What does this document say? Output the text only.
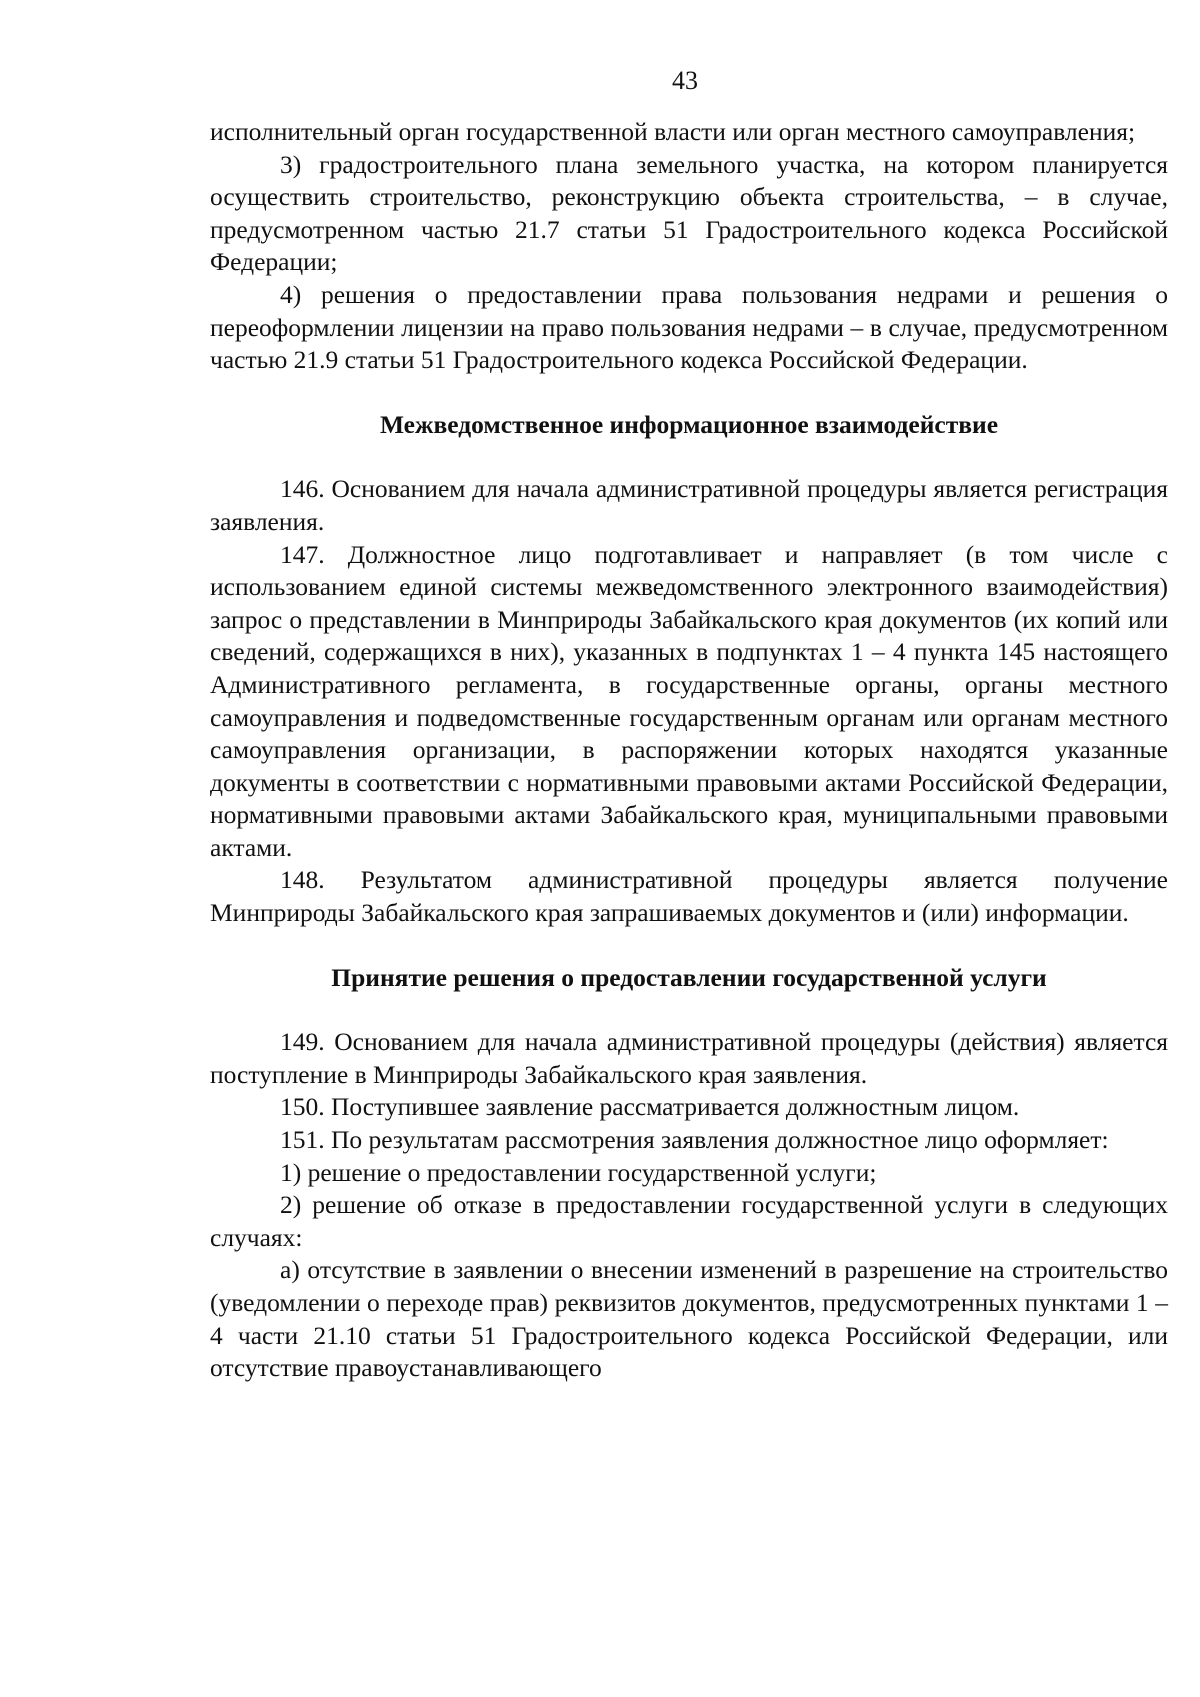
43

исполнительный орган государственной власти или орган местного самоуправления;

3) градостроительного плана земельного участка, на котором планируется осуществить строительство, реконструкцию объекта строительства, – в случае, предусмотренном частью 21.7 статьи 51 Градостроительного кодекса Российской Федерации;

4) решения о предоставлении права пользования недрами и решения о переоформлении лицензии на право пользования недрами – в случае, предусмотренном частью 21.9 статьи 51 Градостроительного кодекса Российской Федерации.

Межведомственное информационное взаимодействие

146. Основанием для начала административной процедуры является регистрация заявления.

147. Должностное лицо подготавливает и направляет (в том числе с использованием единой системы межведомственного электронного взаимодействия) запрос о представлении в Минприроды Забайкальского края документов (их копий или сведений, содержащихся в них), указанных в подпунктах 1 – 4 пункта 145 настоящего Административного регламента, в государственные органы, органы местного самоуправления и подведомственные государственным органам или органам местного самоуправления организации, в распоряжении которых находятся указанные документы в соответствии с нормативными правовыми актами Российской Федерации, нормативными правовыми актами Забайкальского края, муниципальными правовыми актами.

148. Результатом административной процедуры является получение Минприроды Забайкальского края запрашиваемых документов и (или) информации.

Принятие решения о предоставлении государственной услуги

149. Основанием для начала административной процедуры (действия) является поступление в Минприроды Забайкальского края заявления.

150. Поступившее заявление рассматривается должностным лицом.

151. По результатам рассмотрения заявления должностное лицо оформляет:

1) решение о предоставлении государственной услуги;

2) решение об отказе в предоставлении государственной услуги в следующих случаях:

а) отсутствие в заявлении о внесении изменений в разрешение на строительство (уведомлении о переходе прав) реквизитов документов, предусмотренных пунктами 1 – 4 части 21.10 статьи 51 Градостроительного кодекса Российской Федерации, или отсутствие правоустанавливающего
